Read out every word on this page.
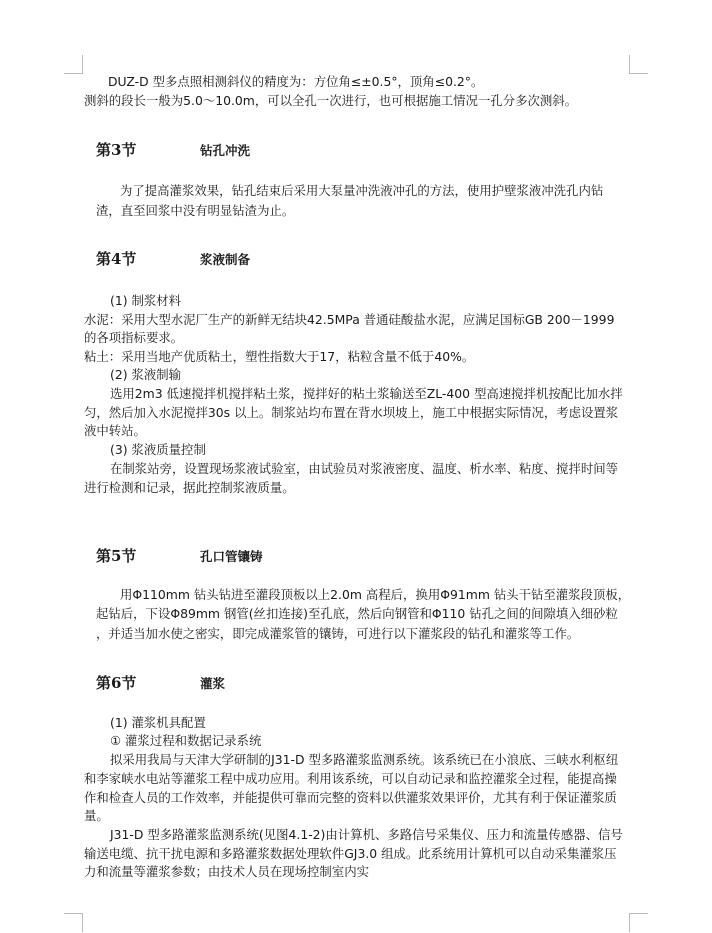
DUZ-D 型多点照相测斜仪的精度为：方位角≤±0.5°，顶角≤0.2°。
测斜的段长一般为5.0～10.0m，可以全孔一次进行，也可根据施工情况一孔分多次测斜。
第3节	钻孔冲洗
为了提高灌浆效果，钻孔结束后采用大泵量冲洗液冲孔的方法，使用护壁浆液冲洗孔内钻
渣，直至回浆中没有明显钻渣为止。
第4节	浆液制备
(1) 制浆材料
水泥：采用大型水泥厂生产的新鲜无结块42.5MPa 普通硅酸盐水泥，应满足国标GB 200－1999
的各项指标要求。
粘土：采用当地产优质粘土，塑性指数大于17，粘粒含量不低于40%。
(2) 浆液制输
选用2m3 低速搅拌机搅拌粘土浆，搅拌好的粘土浆输送至ZL-400 型高速搅拌机按配比加水拌
匀，然后加入水泥搅拌30s 以上。制浆站均布置在背水坝坡上，施工中根据实际情况，考虑设置浆
液中转站。
(3) 浆液质量控制
在制浆站旁，设置现场浆液试验室，由试验员对浆液密度、温度、析水率、粘度、搅拌时间等
进行检测和记录，据此控制浆液质量。
第5节	孔口管镶铸
用Φ110mm 钻头钻进至灌段顶板以上2.0m 高程后，换用Φ91mm 钻头干钻至灌浆段顶板，
起钻后，下设Φ89mm 钢管(丝扣连接)至孔底，然后向钢管和Φ110 钻孔之间的间隙填入细砂粒
，并适当加水使之密实，即完成灌浆管的镶铸，可进行以下灌浆段的钻孔和灌浆等工作。
第6节	灌浆
(1) 灌浆机具配置
① 灌浆过程和数据记录系统
拟采用我局与天津大学研制的J31-D 型多路灌浆监测系统。该系统已在小浪底、三峡水利枢纽
和李家峡水电站等灌浆工程中成功应用。利用该系统，可以自动记录和监控灌浆全过程，能提高操
作和检查人员的工作效率，并能提供可靠而完整的资料以供灌浆效果评价，尤其有利于保证灌浆质
量。
J31-D 型多路灌浆监测系统(见图4.1-2)由计算机、多路信号采集仪、压力和流量传感器、信号
输送电缆、抗干扰电源和多路灌浆数据处理软件GJ3.0 组成。此系统用计算机可以自动采集灌浆压
力和流量等灌浆参数；由技术人员在现场控制室内实
